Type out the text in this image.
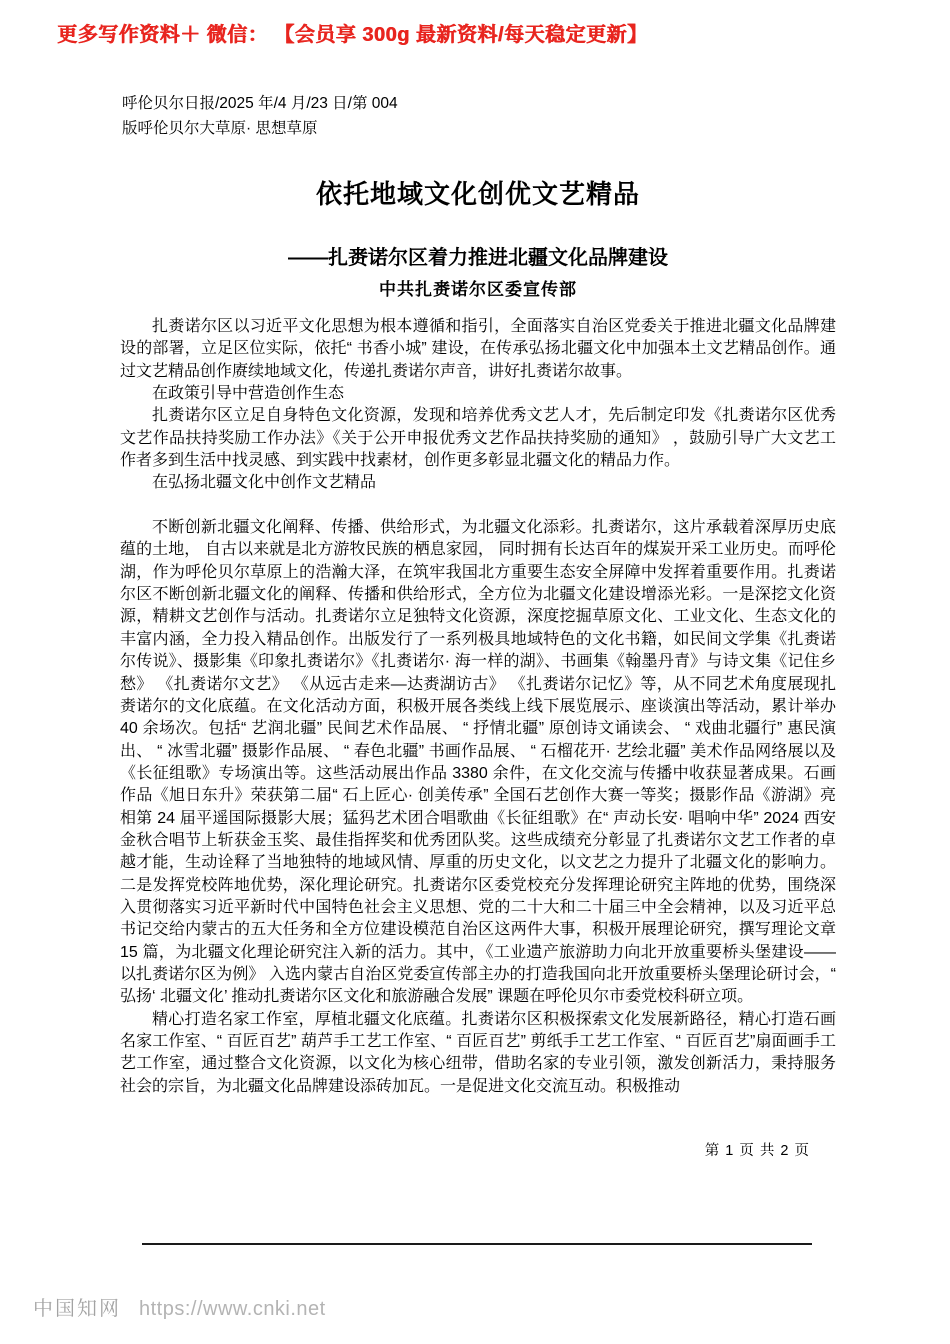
更多写作资料＋ 微信： 【会员享 300g 最新资料/每天稳定更新】
呼伦贝尔日报/2025 年/4 月/23 日/第 004
版呼伦贝尔大草原· 思想草原
依托地域文化创优文艺精品
——扎赉诺尔区着力推进北疆文化品牌建设
中共扎赉诺尔区委宣传部

扎赉诺尔区以习近平文化思想为根本遵循和指引，全面落实自治区党委关于推进北疆文化品牌建设的部署，立足区位实际，依托“ 书香小城” 建设，在传承弘扬北疆文化中加强本土文艺精品创作。通过文艺精品创作赓续地域文化，传递扎赉诺尔声音，讲好扎赉诺尔故事。

在政策引导中营造创作生态

扎赉诺尔区立足自身特色文化资源，发现和培养优秀文艺人才，先后制定印发《扎赉诺尔区优秀文艺作品扶持奖励工作办法》《关于公开申报优秀文艺作品扶持奖励的通知》 ，鼓励引导广大文艺工作者多到生活中找灵感、到实践中找素材，创作更多彰显北疆文化的精品力作。

在弘扬北疆文化中创作文艺精品

不断创新北疆文化阐释、传播、供给形式，为北疆文化添彩。扎赉诺尔，这片承载着深厚历史底蕴的土地， 自古以来就是北方游牧民族的栖息家园， 同时拥有长达百年的煤炭开采工业历史。而呼伦湖，作为呼伦贝尔草原上的浩瀚大泽，在筑牢我国北方重要生态安全屏障中发挥着重要作用。扎赉诺尔区不断创新北疆文化的阐释、传播和供给形式，全方位为北疆文化建设增添光彩。一是深挖文化资源，精耕文艺创作与活动。扎赉诺尔立足独特文化资源，深度挖掘草原文化、工业文化、生态文化的丰富内涵，全力投入精品创作。出版发行了一系列极具地域特色的文化书籍，如民间文学集《扎赉诺尔传说》、摄影集《印象扎赉诺尔》《扎赉诺尔· 海一样的湖》、书画集《翰墨丹青》与诗文集《记住乡愁》 《扎赉诺尔文艺》 《从远古走来—达赉湖访古》 《扎赉诺尔记忆》等，从不同艺术角度展现扎赉诺尔的文化底蕴。在文化活动方面，积极开展各类线上线下展览展示、座谈演出等活动，累计举办 40 余场次。包括“ 艺润北疆” 民间艺术作品展、 “ 抒情北疆” 原创诗文诵读会、 “ 戏曲北疆行” 惠民演出、 “ 冰雪北疆” 摄影作品展、 “ 春色北疆” 书画作品展、 “ 石榴花开· 艺绘北疆” 美术作品网络展以及《长征组歌》专场演出等。这些活动展出作品 3380 余件，在文化交流与传播中收获显著成果。石画作品《旭日东升》荣获第二届“ 石上匠心· 创美传承” 全国石艺创作大赛一等奖；摄影作品《游湖》亮相第 24 届平遥国际摄影大展；猛犸艺术团合唱歌曲《长征组歌》在“ 声动长安· 唱响中华” 2024 西安金秋合唱节上斩获金玉奖、最佳指挥奖和优秀团队奖。这些成绩充分彰显了扎赉诺尔文艺工作者的卓越才能，生动诠释了当地独特的地域风情、厚重的历史文化，以文艺之力提升了北疆文化的影响力。二是发挥党校阵地优势，深化理论研究。扎赉诺尔区委党校充分发挥理论研究主阵地的优势，围绕深入贯彻落实习近平新时代中国特色社会主义思想、党的二十大和二十届三中全会精神，以及习近平总书记交给内蒙古的五大任务和全方位建设模范自治区这两件大事，积极开展理论研究，撰写理论文章 15 篇，为北疆文化理论研究注入新的活力。其中，《工业遗产旅游助力向北开放重要桥头堡建设——以扎赉诺尔区为例》 入选内蒙古自治区党委宣传部主办的打造我国向北开放重要桥头堡理论研讨会，“ 弘扬‘ 北疆文化’ 推动扎赉诺尔区文化和旅游融合发展” 课题在呼伦贝尔市委党校科研立项。

精心打造名家工作室，厚植北疆文化底蕴。扎赉诺尔区积极探索文化发展新路径，精心打造石画名家工作室、“ 百匠百艺” 葫芦手工艺工作室、“ 百匠百艺” 剪纸手工艺工作室、“ 百匠百艺”扇面画手工艺工作室，通过整合文化资源，以文化为核心纽带，借助名家的专业引领，激发创新活力，秉持服务社会的宗旨，为北疆文化品牌建设添砖加瓦。一是促进文化交流互动。积极推动

第 1 页 共 2 页
中国知网 https://www.cnki.net
